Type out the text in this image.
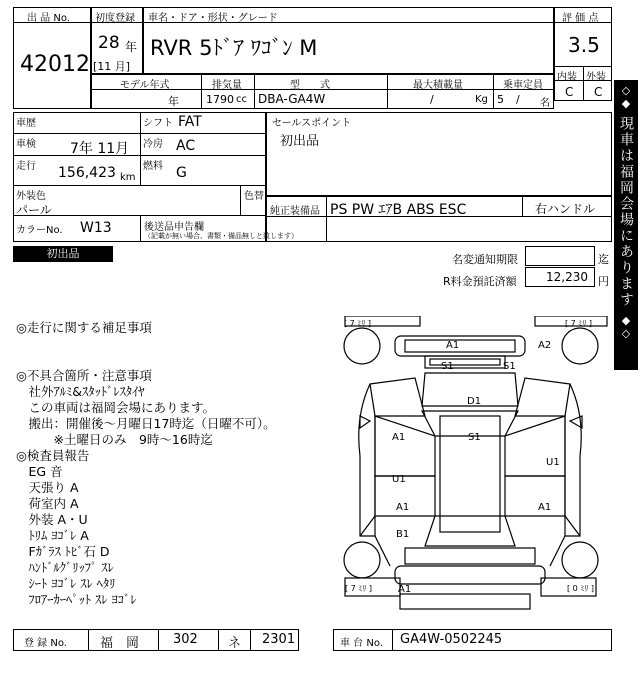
出 品 No.
42012
初度登録
28 年
[11 月]
車名・ドア・形状・グレード
RVR 5ﾄﾞｱ ﾜｺﾞﾝ M
評 価 点
3.5
内装 外装
C C
モデル年式
年
排気量
1790 cc
型　　式
DBA-GA4W
最大積載量
/	Kg
乗車定員
5 / 名
車歴	シフト FAT
車検 7年 11月 冷房 AC
走行 156,423 km
燃料 G
外装色
パール
色替
カラーNo. W13	後送品申告欄
（記載が無い場合、書類・備品無しと致します）
セールスポイント
初出品
純正装備品 PS PW ｴｱB ABS ESC	右ハンドル
初出品	名変通知期限	迄
R料金預託済額 12,230 円
◎走行に関する補足事項
◎不具合箇所・注意事項
　社外ｱﾙﾐ&ｽﾀｯﾄﾞﾚｽﾀｲﾔ
　この車両は福岡会場にあります。
　搬出：開催後～月曜日17時迄（日曜不可）。
　　　※土曜日のみ　9時～16時迄
◎検査員報告
　EG 音
　天張り A
　荷室内 A
　外装 A・U
　ﾄﾘﾑ ﾖｺﾞﾚ A
　Fｶﾞﾗｽ ﾄﾋﾞ石 D
　ﾊﾝﾄﾞﾙｸﾞﾘｯﾌﾟ ｽﾚ
　ｼｰﾄ ﾖｺﾞﾚ ｽﾚ ﾍﾀﾘ
　ﾌﾛｱｰｶｰﾍﾟｯﾄ ｽﾚ ﾖｺﾞﾚ
[ 7 ﾐﾘ ]	[ 7 ﾐﾘ ]
[ 7 ﾐﾘ ]	[ 0 ﾐﾘ ]
A1	A2
S1	S1
D1
A1	S1
U1
U1
A1	A1
B1
A1
◇◆
現車は福岡会場にあります
◆◇
登 録 No.	福　岡	302 ネ 2301	車 台 No. GA4W-0502245
